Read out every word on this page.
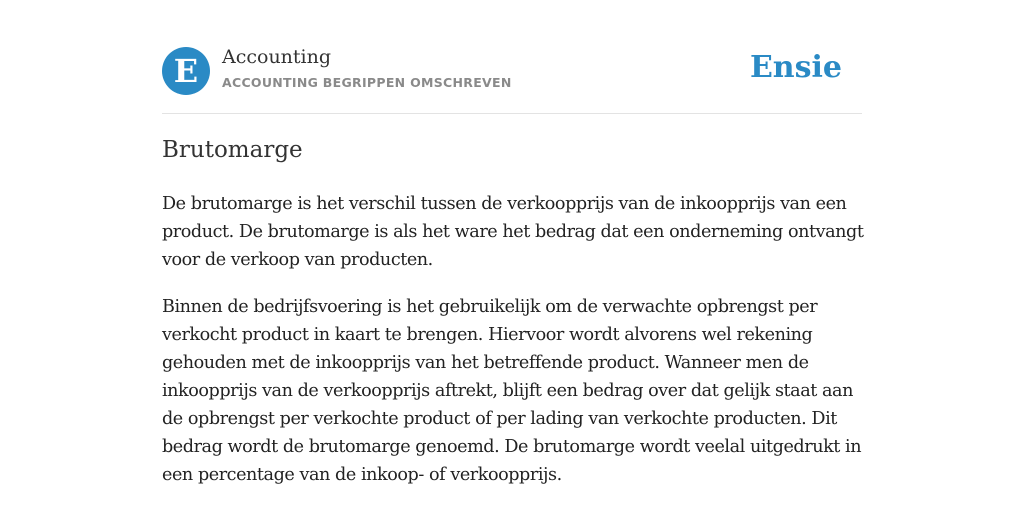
E	Accounting
ACCOUNTING BEGRIPPEN OMSCHREVEN	Ensie
Brutomarge

De brutomarge is het verschil tussen de verkoopprijs van de inkoopprijs van een product. De brutomarge is als het ware het bedrag dat een onderneming ontvangt voor de verkoop van producten.

Binnen de bedrijfsvoering is het gebruikelijk om de verwachte opbrengst per verkocht product in kaart te brengen. Hiervoor wordt alvorens wel rekening gehouden met de inkoopprijs van het betreffende product. Wanneer men de inkoopprijs van de verkoopprijs aftrekt, blijft een bedrag over dat gelijk staat aan de opbrengst per verkochte product of per lading van verkochte producten. Dit bedrag wordt de brutomarge genoemd. De brutomarge wordt veelal uitgedrukt in een percentage van de inkoop- of verkoopprijs.
